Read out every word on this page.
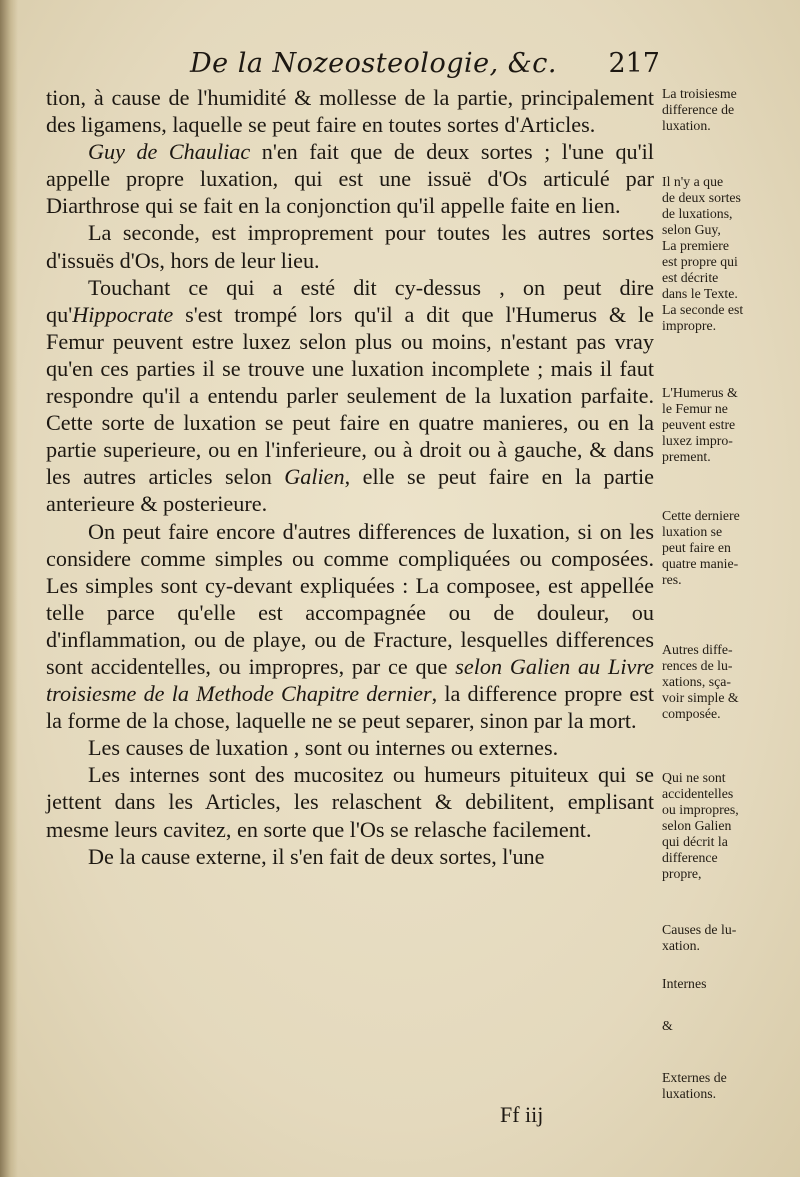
De la Nozeosteologie, &c. 217

tion, à cause de l'humidité & mollesse de la partie, principalement des ligamens, laquelle se peut faire en toutes sortes d'Articles.

Guy de Chauliac n'en fait que de deux sortes ; l'une qu'il appelle propre luxation, qui est une issuë d'Os articulé par Diarthrose qui se fait en la conjonction qu'il appelle faite en lien.

La seconde, est improprement pour toutes les autres sortes d'issuës d'Os, hors de leur lieu.

Touchant ce qui a esté dit cy-dessus , on peut dire qu'Hippocrate s'est trompé lors qu'il a dit que l'Humerus & le Femur peuvent estre luxez selon plus ou moins, n'estant pas vray qu'en ces parties il se trouve une luxation incomplete ; mais il faut respondre qu'il a entendu parler seulement de la luxation parfaite. Cette sorte de luxation se peut faire en quatre manieres, ou en la partie superieure, ou en l'inferieure, ou à droit ou à gauche, & dans les autres articles selon Galien, elle se peut faire en la partie anterieure & posterieure.

On peut faire encore d'autres differences de luxation, si on les considere comme simples ou comme compliquées ou composées. Les simples sont cy-devant expliquées : La composee, est appellée telle parce qu'elle est accompagnée ou de douleur, ou d'inflammation, ou de playe, ou de Fracture, lesquelles differences sont accidentelles, ou impropres, par ce que selon Galien au Livre troisiesme de la Methode Chapitre dernier, la difference propre est la forme de la chose, laquelle ne se peut separer, sinon par la mort.

Les causes de luxation , sont ou internes ou externes.

Les internes sont des mucositez ou humeurs pituiteux qui se jettent dans les Articles, les relaschent & debilitent, emplisant mesme leurs cavitez, en sorte que l'Os se relasche facilement.

De la cause externe, il s'en fait de deux sortes, l'une

La troisiesme
difference de
luxation.
Il n'y a que
de deux sortes
de luxations,
selon Guy,
La premiere
est propre qui
est décrite
dans le Texte.
La seconde est
impropre.
L'Humerus &
le Femur ne
peuvent estre
luxez impro-
prement.
Cette derniere
luxation se
peut faire en
quatre manie-
res.
Autres diffe-
rences de lu-
xations, sça-
voir simple &
composée.
Qui ne sont
accidentelles
ou impropres,
selon Galien
qui décrit la
difference
propre,
Causes de lu-
xation.
Internes
&
Externes de
luxations.
Ff iij
